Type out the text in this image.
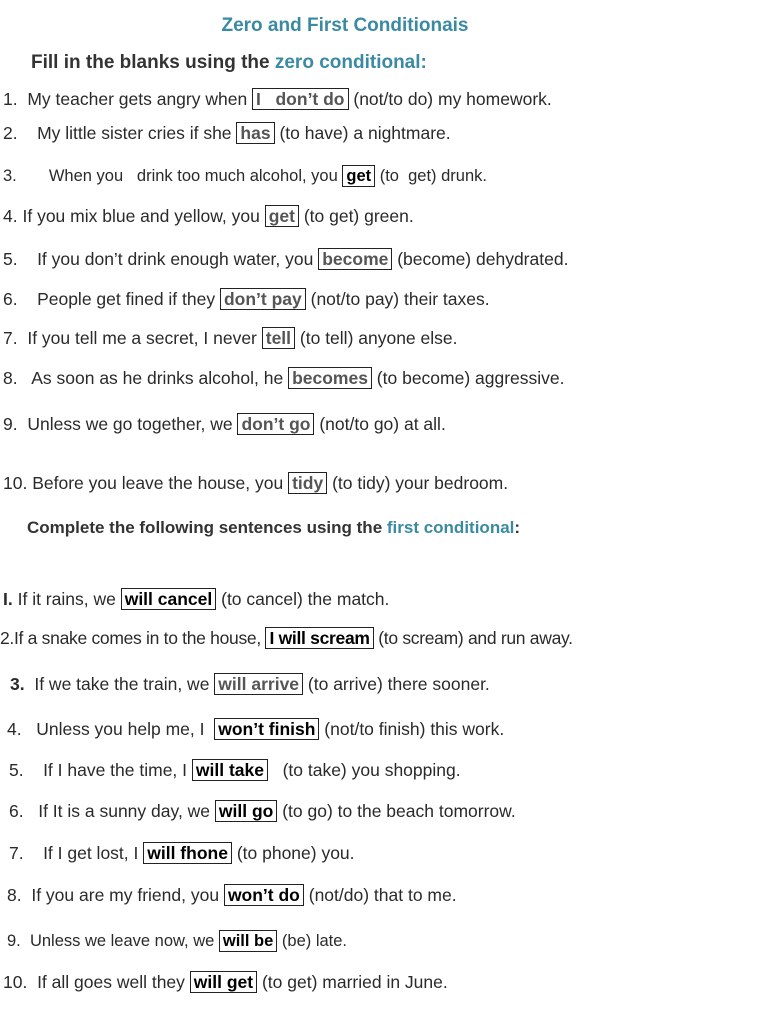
Zero and First Conditionais

Fill in the blanks using the zero conditional:

1. My teacher gets angry when I   don’t do (not/to do) my homework.
2. My little sister cries if she has (to have) a nightmare.
3. When you   drink too much alcohol, you get (to  get) drunk.
4. If you mix blue and yellow, you get (to get) green.
5. If you don’t drink enough water, you become (become) dehydrated.
6. People get fined if they don’t pay (not/to pay) their taxes.
7. If you tell me a secret, I never tell (to tell) anyone else.
8. As soon as he drinks alcohol, he becomes (to become) aggressive.
9. Unless we go together, we don’t go (not/to go) at all.
10. Before you leave the house, you tidy (to tidy) your bedroom.

Complete the following sentences using the first conditional:

I. If it rains, we will cancel (to cancel) the match.
2.If a snake comes in to the house, I will scream (to scream) and run away.
3. If we take the train, we will arrive (to arrive) there sooner.
4. Unless you help me, I  won’t finish (not/to finish) this work.
5. If I have the time, I will take   (to take) you shopping.
6. If It is a sunny day, we will go (to go) to the beach tomorrow.
7. If I get lost, I will fhone (to phone) you.
8. If you are my friend, you won’t do (not/do) that to me.
9. Unless we leave now, we will be (be) late.
10. If all goes well they will get (to get) married in June.
